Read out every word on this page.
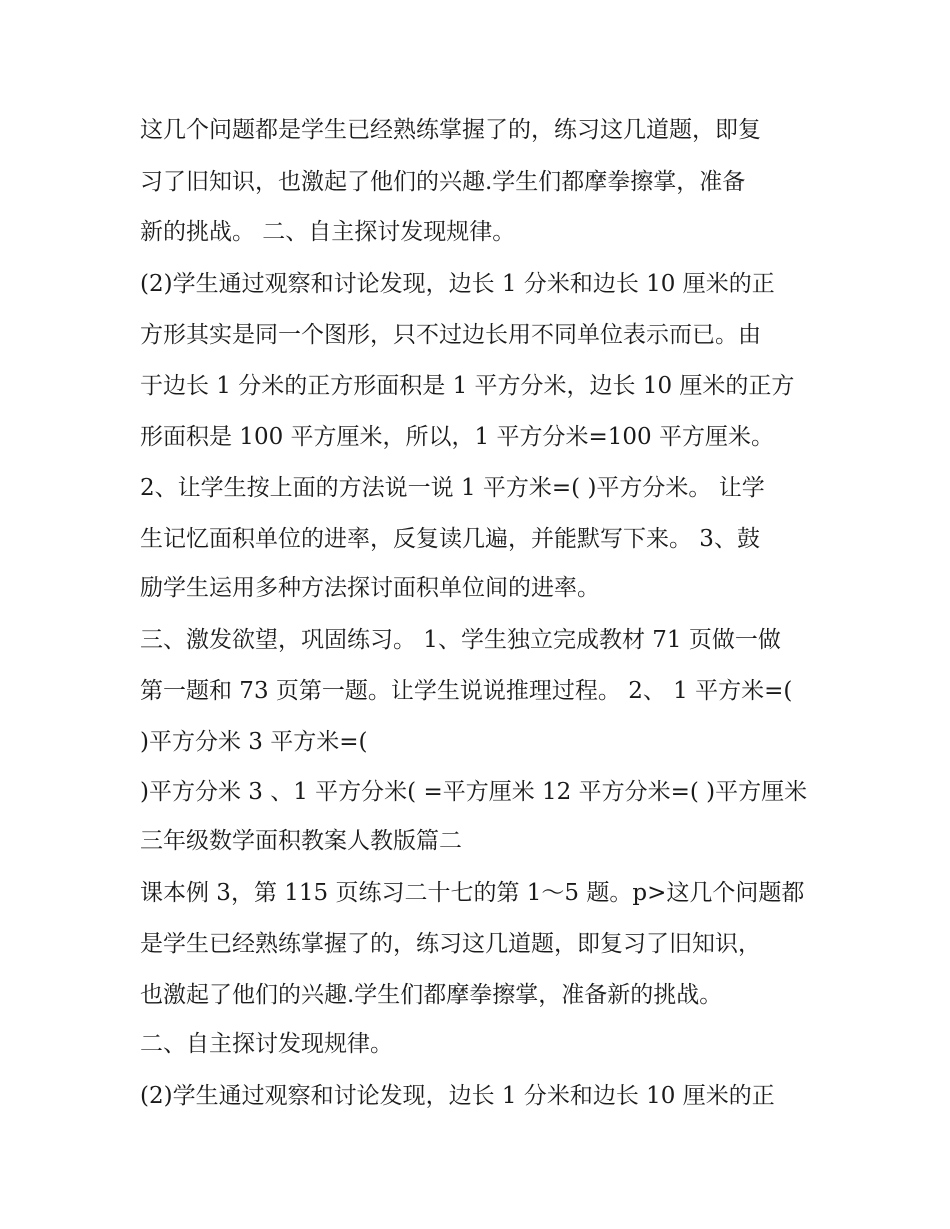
这几个问题都是学生已经熟练掌握了的，练习这几道题，即复
习了旧知识，也激起了他们的兴趣.学生们都摩拳擦掌，准备
新的挑战。 二、自主探讨发现规律。
(2)学生通过观察和讨论发现，边长 1 分米和边长 10 厘米的正
方形其实是同一个图形，只不过边长用不同单位表示而已。由
于边长 1 分米的正方形面积是 1 平方分米，边长 10 厘米的正方
形面积是 100 平方厘米，所以，1 平方分米=100 平方厘米。
2、让学生按上面的方法说一说 1 平方米=( )平方分米。 让学
生记忆面积单位的进率，反复读几遍，并能默写下来。 3、鼓
励学生运用多种方法探讨面积单位间的进率。
三、激发欲望，巩固练习。 1、学生独立完成教材 71 页做一做
第一题和 73 页第一题。让学生说说推理过程。 2、 1 平方米=(
)平方分米 3 平方米=(
)平方分米 3 、1 平方分米( =平方厘米 12 平方分米=( )平方厘米
三年级数学面积教案人教版篇二
课本例 3，第 115 页练习二十七的第 1～5 题。p>这几个问题都
是学生已经熟练掌握了的，练习这几道题，即复习了旧知识，
也激起了他们的兴趣.学生们都摩拳擦掌，准备新的挑战。
二、自主探讨发现规律。
(2)学生通过观察和讨论发现，边长 1 分米和边长 10 厘米的正
